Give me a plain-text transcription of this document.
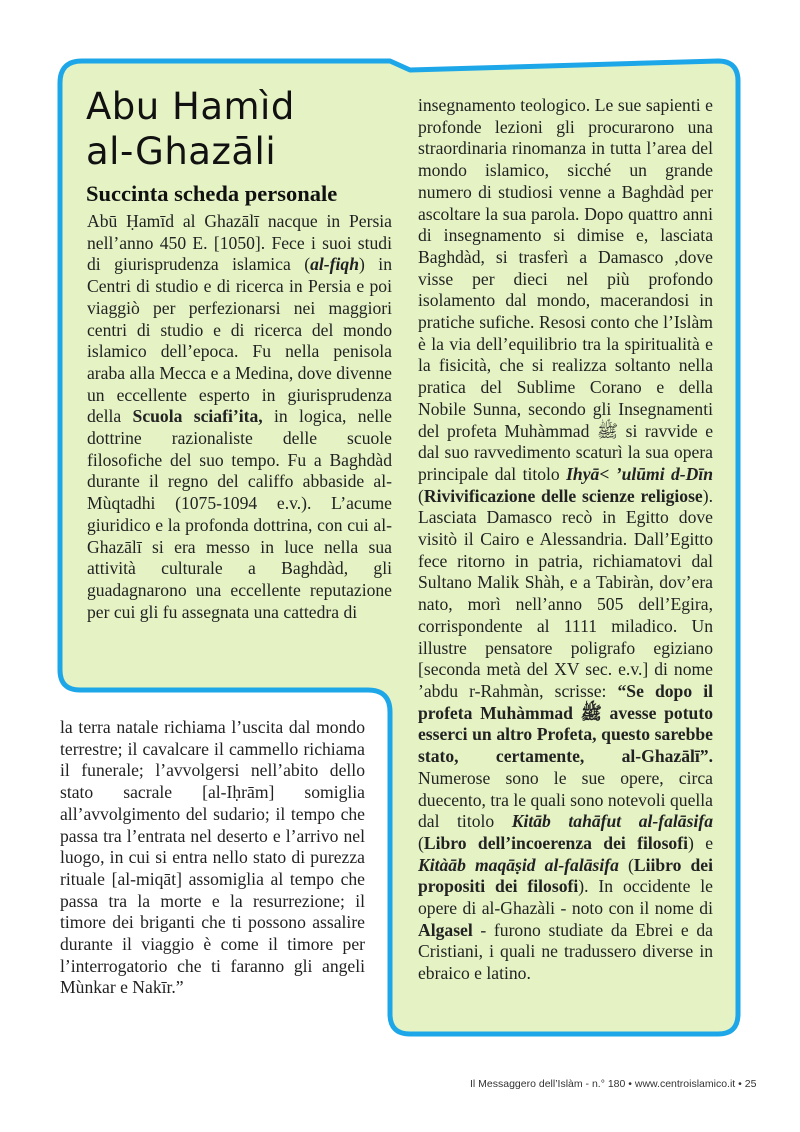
Abu Hamìd
al-Ghazāli
Succinta scheda personale

Abū Ḥamīd al Ghazālī nacque in Persia nell’anno 450 E. [1050]. Fece i suoi studi di giurisprudenza islamica (al-fiqh) in Centri di studio e di ricerca in Persia e poi viaggiò per perfezionarsi nei maggiori centri di studio e di ricerca del mondo islamico dell’epoca. Fu nella penisola araba alla Mecca e a Medina, dove divenne un eccellente esperto in giurisprudenza della Scuola sciafi’ita, in logica, nelle dottrine razionaliste delle scuole filosofiche del suo tempo. Fu a Baghdàd durante il regno del califfo abbaside al-Mùqtadhi (1075-1094 e.v.). L’acume giuridico e la profonda dottrina, con cui al-Ghazālī si era messo in luce nella sua attività culturale a Baghdàd, gli guadagnarono una eccellente reputazione per cui gli fu assegnata una cattedra di

insegnamento teologico. Le sue sapienti e profonde lezioni gli procurarono una straordinaria rinomanza in tutta l’area del mondo islamico, sicché un grande numero di studiosi venne a Baghdàd per ascoltare la sua parola. Dopo quattro anni di insegnamento si dimise e, lasciata Baghdàd, si trasferì a Damasco ,dove visse per dieci nel più profondo isolamento dal mondo, macerandosi in pratiche sufiche. Resosi conto che l’Islàm è la via dell’equilibrio tra la spiritualità e la fisicità, che si realizza soltanto nella pratica del Sublime Corano e della Nobile Sunna, secondo gli Insegnamenti del profeta Muhàmmad ﷺ si ravvide e dal suo ravvedimento scaturì la sua opera principale dal titolo Ihyā< ’ulūmi d-Dīn (Rivivificazione delle scienze religiose). Lasciata Damasco recò in Egitto dove visitò il Cairo e Alessandria. Dall’Egitto fece ritorno in patria, richiamatovi dal Sultano Malik Shàh, e a Tabiràn, dov’era nato, morì nell’anno 505 dell’Egira, corrispondente al 1111 miladico. Un illustre pensatore poligrafo egiziano [seconda metà del XV sec. e.v.] di nome ’abdu r-Rahmàn, scrisse: “Se dopo il profeta Muhàmmad ﷺ avesse potuto esserci un altro Profeta, questo sarebbe stato, certamente, al-Ghazālī”. Numerose sono le sue opere, circa duecento, tra le quali sono notevoli quella dal titolo Kitāb tahāfut al-falāsifa (Libro dell’incoerenza dei filosofi) e Kitàāb maqāṣid al-falāsifa (Liibro dei propositi dei filosofi). In occidente le opere di al-Ghazàli - noto con il nome di Algasel - furono studiate da Ebrei e da Cristiani, i quali ne tradussero diverse in ebraico e latino.

la terra natale richiama l’uscita dal mondo terrestre; il cavalcare il cammello richiama il funerale; l’avvolgersi nell’abito dello stato sacrale [al-Iḥrām] somiglia all’avvolgimento del sudario; il tempo che passa tra l’entrata nel deserto e l’arrivo nel luogo, in cui si entra nello stato di purezza rituale [al-miqāt] assomiglia al tempo che passa tra la morte e la resurrezione; il timore dei briganti che ti possono assalire durante il viaggio è come il timore per l’interrogatorio che ti faranno gli angeli Mùnkar e Nakīr.”

Il Messaggero dell’Islàm - n.° 180 • www.centroislamico.it • 25
